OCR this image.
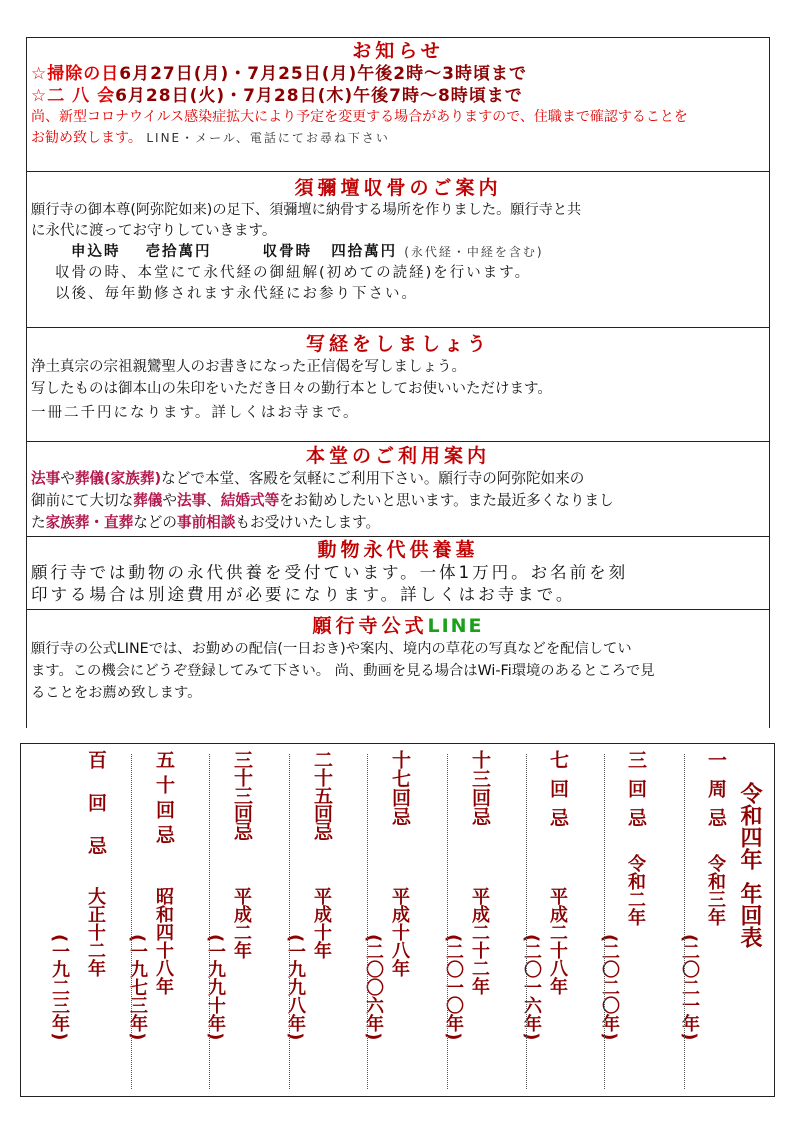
お知らせ
☆掃除の日6月27日(月)・7月25日(月)午後2時〜3時頃まで
☆二 八 会6月28日(火)・7月28日(木)午後7時〜8時頃まで
尚、新型コロナウイルス感染症拡大により予定を変更する場合がありますので、住職まで確認することを
お勧め致します。 LINE・メール、電話にてお尋ね下さい
須彌壇収骨のご案内
願行寺の御本尊(阿弥陀如来)の足下、須彌壇に納骨する場所を作りました。願行寺と共
に永代に渡ってお守りしていきます。
申込時 壱拾萬円	収骨時 四拾萬円 (永代経・中経を含む)
収骨の時、本堂にて永代経の御紐解(初めての読経)を行います。
以後、毎年勤修されます永代経にお参り下さい。
写経をしましょう
浄土真宗の宗祖親鸞聖人のお書きになった正信偈を写しましょう。
写したものは御本山の朱印をいただき日々の勤行本としてお使いいただけます。
一冊二千円になります。詳しくはお寺まで。
本堂のご利用案内
法事や葬儀(家族葬)などで本堂、客殿を気軽にご利用下さい。願行寺の阿弥陀如来の
御前にて大切な葬儀や法事、結婚式等をお勧めしたいと思います。また最近多くなりまし
た家族葬・直葬などの事前相談もお受けいたします。
動物永代供養墓
願行寺では動物の永代供養を受付ています。一体1万円。お名前を刻
印する場合は別途費用が必要になります。詳しくはお寺まで。
願行寺公式LINE
願行寺の公式LINEでは、お勤めの配信(一日おき)や案内、境内の草花の写真などを配信してい
ます。この機会にどうぞ登録してみて下さい。 尚、動画を見る場合はWi-Fi環境のあるところで見
ることをお薦め致します。
令和四年
年回表
一周忌
令和三年
(二〇二一年)
三回忌
令和二年
(二〇二〇年)
七回忌
平成二十八年
(二〇一六年)
十三回忌
平成二十二年
(二〇一〇年)
十七回忌
平成十八年
(二〇〇六年)
二十五回忌
平成十年
(一九九八年)
三十三回忌
平成二年
(一九九十年)
五十回忌
昭和四十八年
(一九七三年)
百回忌
大正十二年
(一九二三年)
